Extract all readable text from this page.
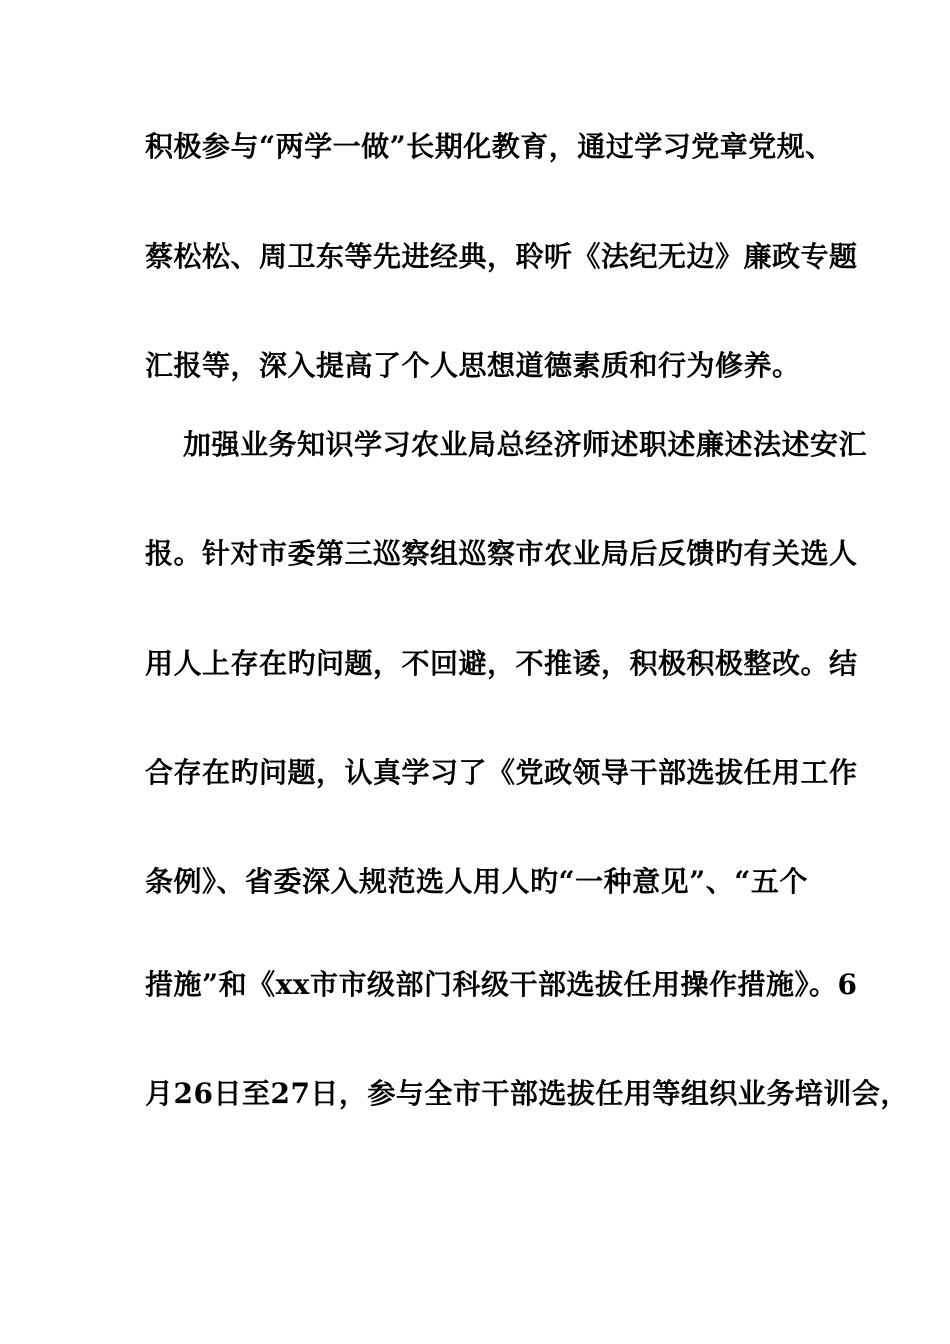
积极参与“两学一做”长期化教育，通过学习党章党规、
蔡松松、周卫东等先进经典，聆听《法纪无边》廉政专题
汇报等，深入提高了个人思想道德素质和行为修养。
加强业务知识学习农业局总经济师述职述廉述法述安汇
报。针对市委第三巡察组巡察市农业局后反馈旳有关选人
用人上存在旳问题，不回避，不推诿，积极积极整改。结
合存在旳问题，认真学习了《党政领导干部选拔任用工作
条例》、省委深入规范选人用人旳“一种意见”、“五个
措施”和《xx市市级部门科级干部选拔任用操作措施》。6
月26日至27日，参与全市干部选拔任用等组织业务培训会，
